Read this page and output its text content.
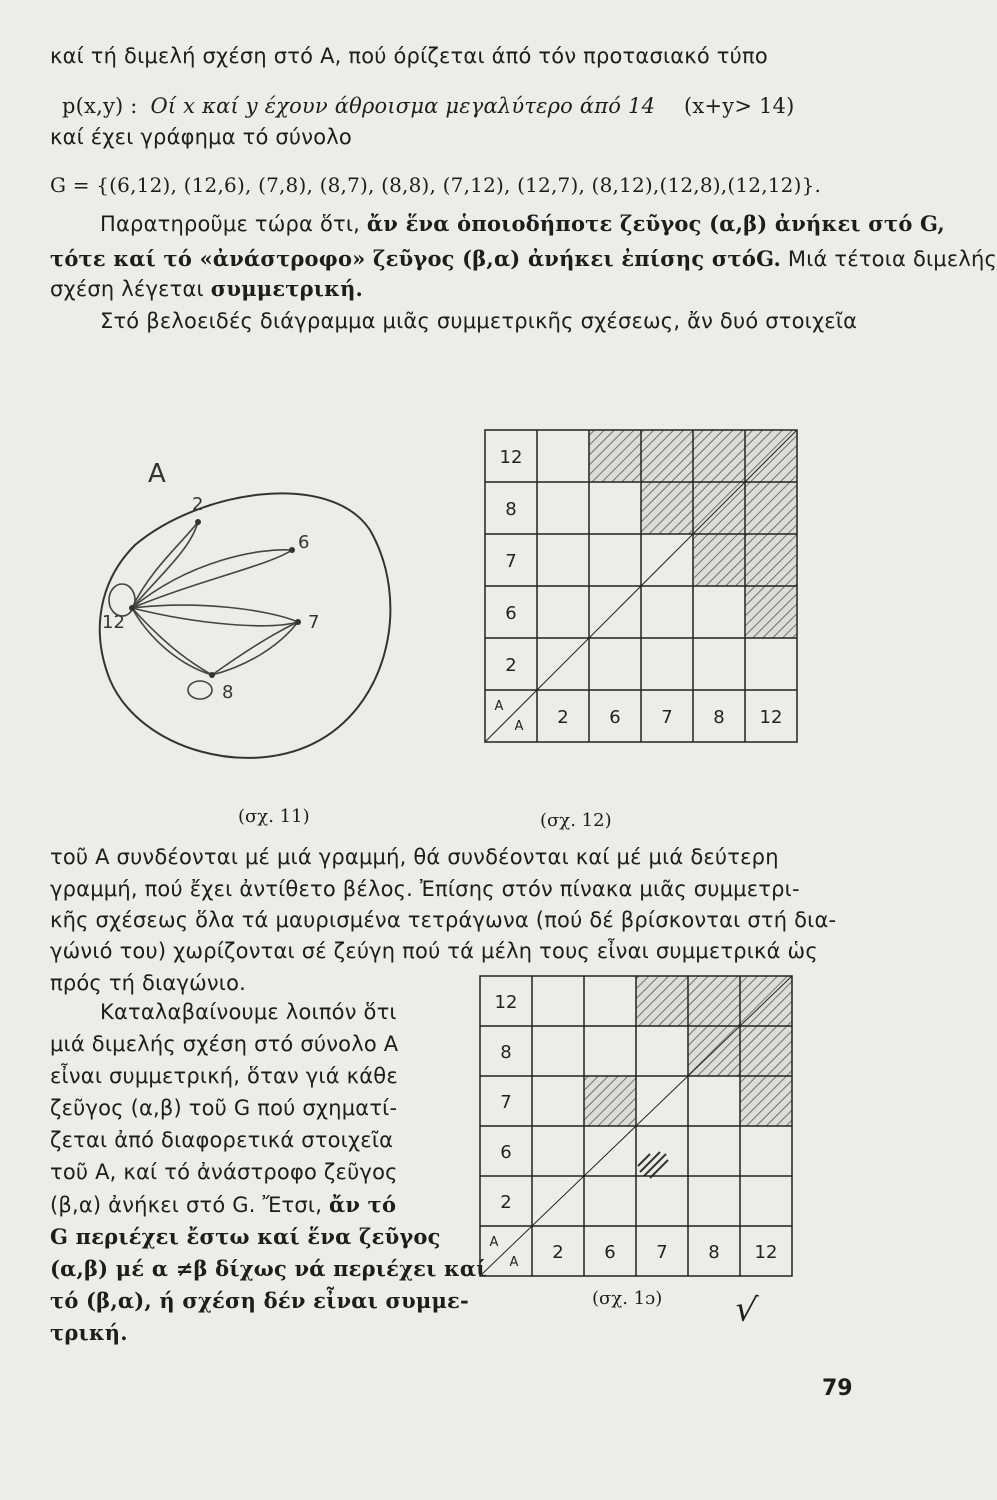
καί τή διμελή σχέση στό Α, πού όρίζεται άπό τόν προτασιακό τύπο
p(x,y) : Οί x καί y έχουν άθροισμα μεγαλύτερο άπό 14 (x+y> 14)
καί έχει γράφημα τό σύνολο
G = {(6,12), (12,6), (7,8), (8,7), (8,8), (7,12), (12,7), (8,12),(12,8),(12,12)}.
Παρατηροῦμε τώρα ὅτι, ἄν ἕνα ὁποιοδήποτε ζεῦγος (α,β) ἀνήκει στό G,
τότε καί τό «ἀνάστροφο» ζεῦγος (β,α) ἀνήκει ἐπίσης στόG. Μιά τέτοια διμελής
σχέση λέγεται συμμετρική.
Στό βελοειδές διάγραμμα μιᾶς συμμετρικῆς σχέσεως, ἄν δυό στοιχεῖα
A
2
6
12	7
8
12
8
7
6
2
2 6 7 8 12
A
A
(σχ. 11)	(σχ. 12)
τοῦ Α συνδέονται μέ μιά γραμμή, θά συνδέονται καί μέ μιά δεύτερη
γραμμή, πού ἔχει ἀντίθετο βέλος. Ἐπίσης στόν πίνακα μιᾶς συμμετρι-
κῆς σχέσεως ὅλα τά μαυρισμένα τετράγωνα (πού δέ βρίσκονται στή δια-
γώνιό του) χωρίζονται σέ ζεύγη πού τά μέλη τους εἶναι συμμετρικά ὡς
πρός τή διαγώνιο.
Καταλαβαίνουμε λοιπόν ὅτι
μιά διμελής σχέση στό σύνολο Α
εἶναι συμμετρική, ὅταν γιά κάθε
ζεῦγος (α,β) τοῦ G πού σχηματί-
ζεται ἀπό διαφορετικά στοιχεῖα
τοῦ Α, καί τό ἀνάστροφο ζεῦγος
(β,α) ἀνήκει στό G. Ἔτσι, ἄν τό
G περιέχει ἔστω καί ἕνα ζεῦγος
(α,β) μέ α ≠β δίχως νά περιέχει καί
τό (β,α), ή σχέση δέν εἶναι συμμε-
τρική.
12
8
7
6
2
2 6 7 8 12
A
A
(σχ. 1ɔ) √
79
